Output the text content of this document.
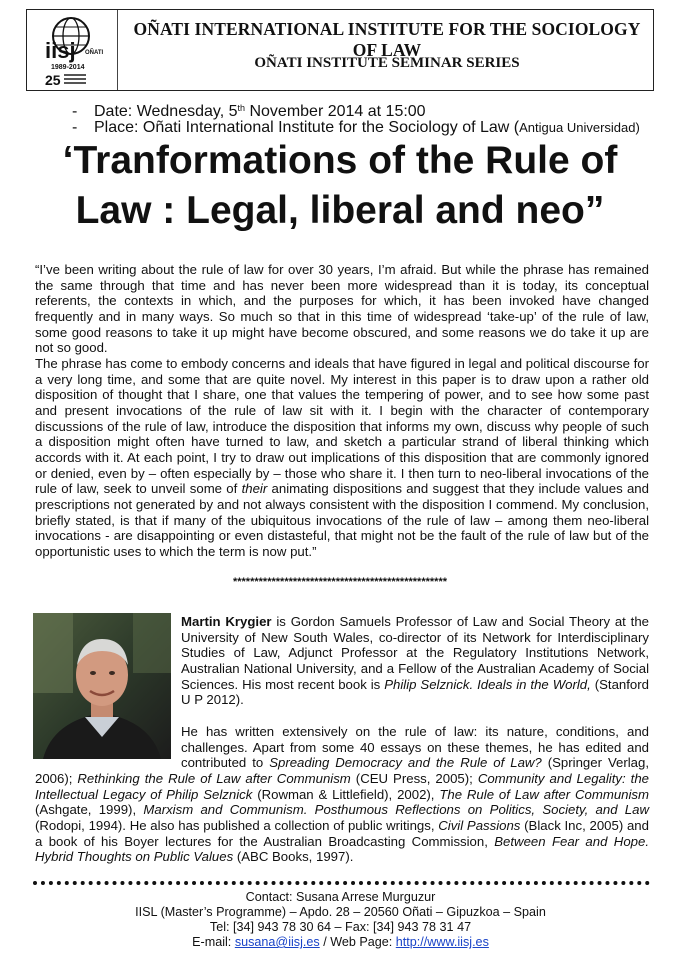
iisj OÑATI
1989-2014
25
OÑATI INTERNATIONAL INSTITUTE FOR THE SOCIOLOGY OF LAW
OÑATI INSTITUTE SEMINAR SERIES
- Date: Wednesday, 5th November 2014 at 15:00
- Place: Oñati International Institute for the Sociology of Law (Antigua Universidad)
‘Tranformations of the Rule of
Law : Legal, liberal and neo”

“I’ve been writing about the rule of law for over 30 years, I’m afraid. But while the phrase has remained the same through that time and has never been more widespread than it is today, its conceptual referents, the contexts in which, and the purposes for which, it has been invoked have changed frequently and in many ways. So much so that in this time of widespread ‘take-up’ of the rule of law, some good reasons to take it up might have become obscured, and some reasons we do take it up are not so good.

The phrase has come to embody concerns and ideals that have figured in legal and political discourse for a very long time, and some that are quite novel. My interest in this paper is to draw upon a rather old disposition of thought that I share, one that values the tempering of power, and to see how some past and present invocations of the rule of law sit with it. I begin with the character of contemporary discussions of the rule of law, introduce the disposition that informs my own, discuss why people of such a disposition might often have turned to law, and sketch a particular strand of liberal thinking which accords with it. At each point, I try to draw out implications of this disposition that are commonly ignored or denied, even by – often especially by – those who share it. I then turn to neo-liberal invocations of the rule of law, seek to unveil some of their animating dispositions and suggest that they include values and prescriptions not generated by and not always consistent with the disposition I commend. My conclusion, briefly stated, is that if many of the ubiquitous invocations of the rule of law – among them neo-liberal invocations - are disappointing or even distasteful, that might not be the fault of the rule of law but of the opportunistic uses to which the term is now put.”

**************************************************

Martin Krygier is Gordon Samuels Professor of Law and Social Theory at the University of New South Wales, co-director of its Network for Interdisciplinary Studies of Law, Adjunct Professor at the Regulatory Institutions Network, Australian National University, and a Fellow of the Australian Academy of Social Sciences. His most recent book is Philip Selznick. Ideals in the World, (Stanford U P 2012).

He has written extensively on the rule of law: its nature, conditions, and challenges. Apart from some 40 essays on these themes, he has edited and contributed to Spreading Democracy and the Rule of Law? (Springer Verlag, 2006); Rethinking the Rule of Law after Communism (CEU Press, 2005); Community and Legality: the Intellectual Legacy of Philip Selznick (Rowman & Littlefield), 2002), The Rule of Law after Communism (Ashgate, 1999), Marxism and Communism. Posthumous Reflections on Politics, Society, and Law (Rodopi, 1994). He also has published a collection of public writings, Civil Passions (Black Inc, 2005) and a book of his Boyer lectures for the Australian Broadcasting Commission, Between Fear and Hope. Hybrid Thoughts on Public Values (ABC Books, 1997).

Contact: Susana Arrese Murguzur
IISL (Master’s Programme) – Apdo. 28 – 20560 Oñati – Gipuzkoa – Spain
Tel: [34] 943 78 30 64 – Fax: [34] 943 78 31 47
E-mail: susana@iisj.es / Web Page: http://www.iisj.es
